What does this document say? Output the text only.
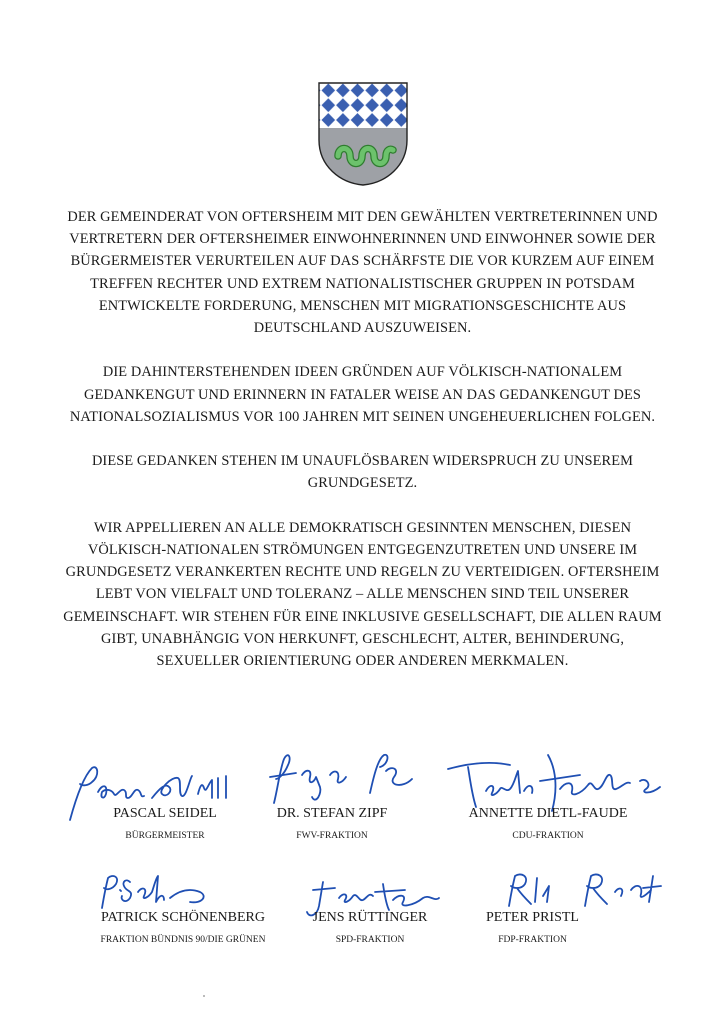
DER GEMEINDERAT VON OFTERSHEIM MIT DEN GEWÄHLTEN VERTRETERINNEN UND VERTRETERN DER OFTERSHEIMER EINWOHNERINNEN UND EINWOHNER SOWIE DER BÜRGERMEISTER VERURTEILEN AUF DAS SCHÄRFSTE DIE VOR KURZEM AUF EINEM TREFFEN RECHTER UND EXTREM NATIONALISTISCHER GRUPPEN IN POTSDAM ENTWICKELTE FORDERUNG, MENSCHEN MIT MIGRATIONSGESCHICHTE AUS DEUTSCHLAND AUSZUWEISEN.

DIE DAHINTERSTEHENDEN IDEEN GRÜNDEN AUF VÖLKISCH-NATIONALEM GEDANKENGUT UND ERINNERN IN FATALER WEISE AN DAS GEDANKENGUT DES NATIONALSOZIALISMUS VOR 100 JAHREN MIT SEINEN UNGEHEUERLICHEN FOLGEN.

DIESE GEDANKEN STEHEN IM UNAUFLÖSBAREN WIDERSPRUCH ZU UNSEREM GRUNDGESETZ.

WIR APPELLIEREN AN ALLE DEMOKRATISCH GESINNTEN MENSCHEN, DIESEN VÖLKISCH-NATIONALEN STRÖMUNGEN ENTGEGENZUTRETEN UND UNSERE IM GRUNDGESETZ VERANKERTEN RECHTE UND REGELN ZU VERTEIDIGEN. OFTERSHEIM LEBT VON VIELFALT UND TOLERANZ – ALLE MENSCHEN SIND TEIL UNSERER GEMEINSCHAFT. WIR STEHEN FÜR EINE INKLUSIVE GESELLSCHAFT, DIE ALLEN RAUM GIBT, UNABHÄNGIG VON HERKUNFT, GESCHLECHT, ALTER, BEHINDERUNG, SEXUELLER ORIENTIERUNG ODER ANDEREN MERKMALEN.

PASCAL SEIDEL
BÜRGERMEISTER
DR. STEFAN ZIPF
FWV-FRAKTION
ANNETTE DIETL-FAUDE
CDU-FRAKTION
PATRICK SCHÖNENBERG
FRAKTION BÜNDNIS 90/DIE GRÜNEN
JENS RÜTTINGER
SPD-FRAKTION
PETER PRISTL
FDP-FRAKTION
